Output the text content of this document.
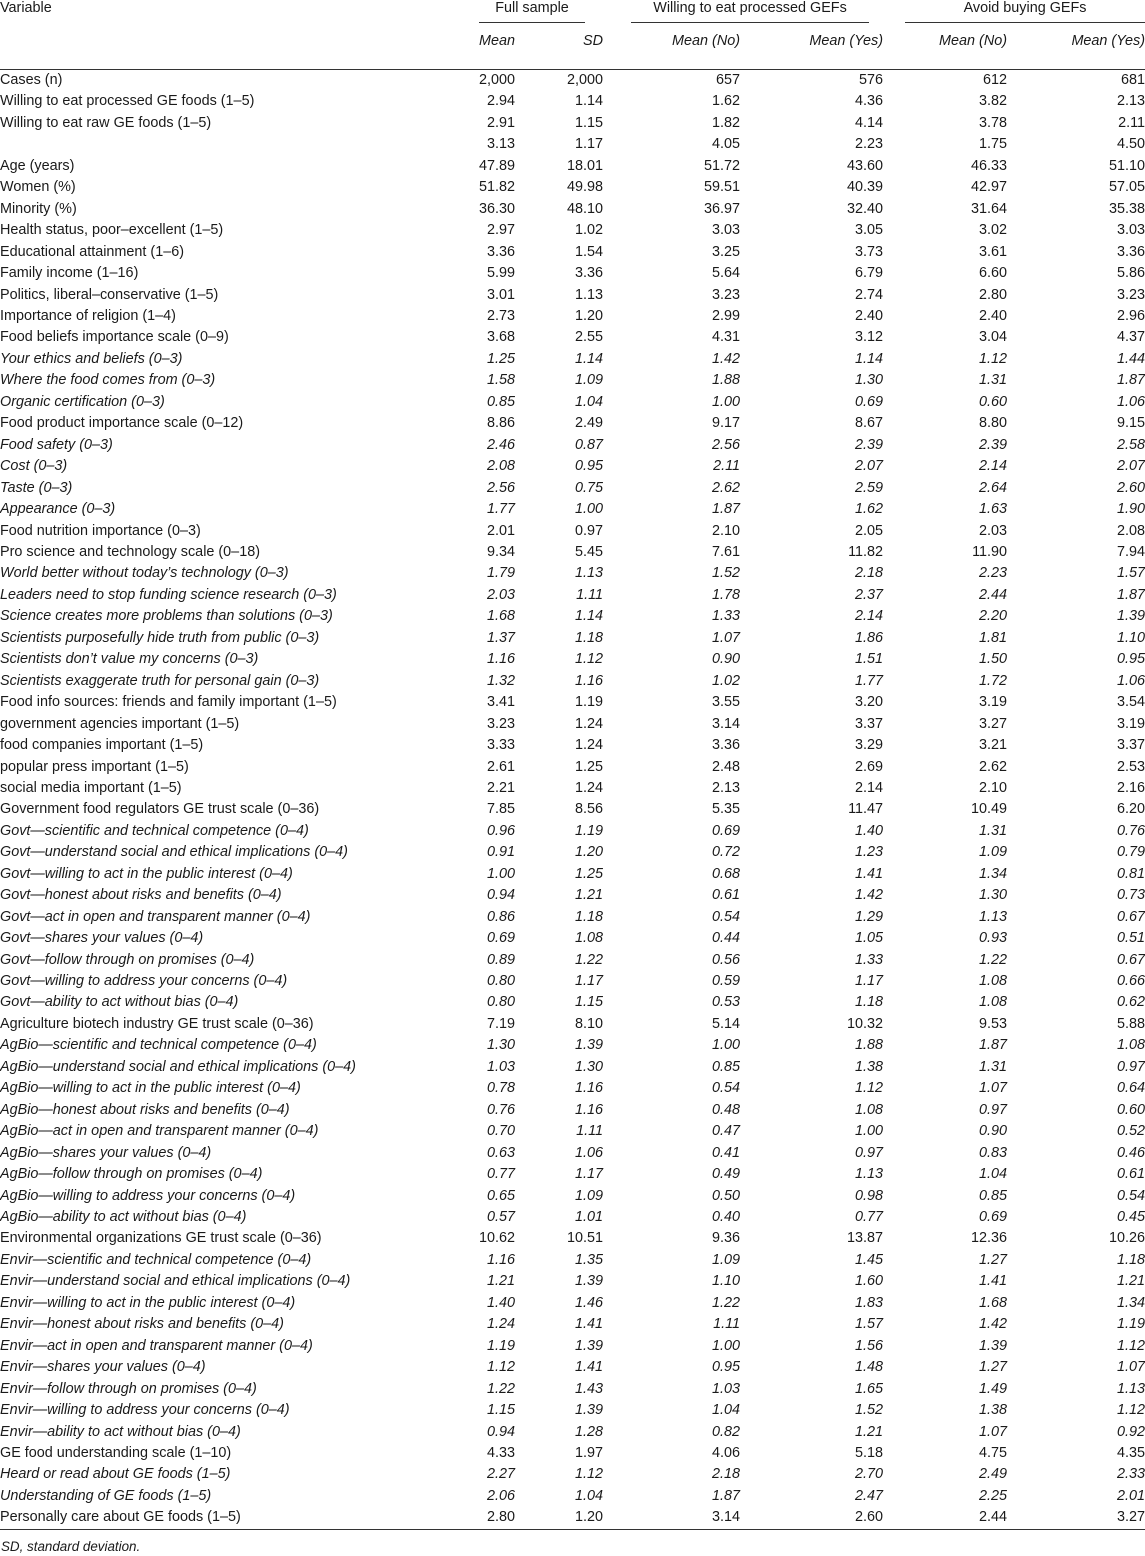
Variable	Full sample		Willing to eat processed GEFs		Avoid buying GEFs	

	Mean	SD	Mean (No)	Mean (Yes)	Mean (No)	Mean (Yes)
Cases (n)	2,000	2,000	657	576	612	681
Willing to eat processed GE foods (1–5)	2.94	1.14	1.62	4.36	3.82	2.13
Willing to eat raw GE foods (1–5)	2.91	1.15	1.82	4.14	3.78	2.11
	3.13	1.17	4.05	2.23	1.75	4.50
Age (years)	47.89	18.01	51.72	43.60	46.33	51.10
Women (%)	51.82	49.98	59.51	40.39	42.97	57.05
Minority (%)	36.30	48.10	36.97	32.40	31.64	35.38
Health status, poor–excellent (1–5)	2.97	1.02	3.03	3.05	3.02	3.03
Educational attainment (1–6)	3.36	1.54	3.25	3.73	3.61	3.36
Family income (1–16)	5.99	3.36	5.64	6.79	6.60	5.86
Politics, liberal–conservative (1–5)	3.01	1.13	3.23	2.74	2.80	3.23
Importance of religion (1–4)	2.73	1.20	2.99	2.40	2.40	2.96
Food beliefs importance scale (0–9)	3.68	2.55	4.31	3.12	3.04	4.37
Your ethics and beliefs (0–3)	1.25	1.14	1.42	1.14	1.12	1.44
Where the food comes from (0–3)	1.58	1.09	1.88	1.30	1.31	1.87
Organic certification (0–3)	0.85	1.04	1.00	0.69	0.60	1.06
Food product importance scale (0–12)	8.86	2.49	9.17	8.67	8.80	9.15
Food safety (0–3)	2.46	0.87	2.56	2.39	2.39	2.58
Cost (0–3)	2.08	0.95	2.11	2.07	2.14	2.07
Taste (0–3)	2.56	0.75	2.62	2.59	2.64	2.60
Appearance (0–3)	1.77	1.00	1.87	1.62	1.63	1.90
Food nutrition importance (0–3)	2.01	0.97	2.10	2.05	2.03	2.08
Pro science and technology scale (0–18)	9.34	5.45	7.61	11.82	11.90	7.94
World better without today’s technology (0–3)	1.79	1.13	1.52	2.18	2.23	1.57
Leaders need to stop funding science research (0–3)	2.03	1.11	1.78	2.37	2.44	1.87
Science creates more problems than solutions (0–3)	1.68	1.14	1.33	2.14	2.20	1.39
Scientists purposefully hide truth from public (0–3)	1.37	1.18	1.07	1.86	1.81	1.10
Scientists don’t value my concerns (0–3)	1.16	1.12	0.90	1.51	1.50	0.95
Scientists exaggerate truth for personal gain (0–3)	1.32	1.16	1.02	1.77	1.72	1.06
Food info sources: friends and family important (1–5)	3.41	1.19	3.55	3.20	3.19	3.54
government agencies important (1–5)	3.23	1.24	3.14	3.37	3.27	3.19
food companies important (1–5)	3.33	1.24	3.36	3.29	3.21	3.37
popular press important (1–5)	2.61	1.25	2.48	2.69	2.62	2.53
social media important (1–5)	2.21	1.24	2.13	2.14	2.10	2.16
Government food regulators GE trust scale (0–36)	7.85	8.56	5.35	11.47	10.49	6.20
Govt—scientific and technical competence (0–4)	0.96	1.19	0.69	1.40	1.31	0.76
Govt—understand social and ethical implications (0–4)	0.91	1.20	0.72	1.23	1.09	0.79
Govt—willing to act in the public interest (0–4)	1.00	1.25	0.68	1.41	1.34	0.81
Govt—honest about risks and benefits (0–4)	0.94	1.21	0.61	1.42	1.30	0.73
Govt—act in open and transparent manner (0–4)	0.86	1.18	0.54	1.29	1.13	0.67
Govt—shares your values (0–4)	0.69	1.08	0.44	1.05	0.93	0.51
Govt—follow through on promises (0–4)	0.89	1.22	0.56	1.33	1.22	0.67
Govt—willing to address your concerns (0–4)	0.80	1.17	0.59	1.17	1.08	0.66
Govt—ability to act without bias (0–4)	0.80	1.15	0.53	1.18	1.08	0.62
Agriculture biotech industry GE trust scale (0–36)	7.19	8.10	5.14	10.32	9.53	5.88
AgBio—scientific and technical competence (0–4)	1.30	1.39	1.00	1.88	1.87	1.08
AgBio—understand social and ethical implications (0–4)	1.03	1.30	0.85	1.38	1.31	0.97
AgBio—willing to act in the public interest (0–4)	0.78	1.16	0.54	1.12	1.07	0.64
AgBio—honest about risks and benefits (0–4)	0.76	1.16	0.48	1.08	0.97	0.60
AgBio—act in open and transparent manner (0–4)	0.70	1.11	0.47	1.00	0.90	0.52
AgBio—shares your values (0–4)	0.63	1.06	0.41	0.97	0.83	0.46
AgBio—follow through on promises (0–4)	0.77	1.17	0.49	1.13	1.04	0.61
AgBio—willing to address your concerns (0–4)	0.65	1.09	0.50	0.98	0.85	0.54
AgBio—ability to act without bias (0–4)	0.57	1.01	0.40	0.77	0.69	0.45
Environmental organizations GE trust scale (0–36)	10.62	10.51	9.36	13.87	12.36	10.26
Envir—scientific and technical competence (0–4)	1.16	1.35	1.09	1.45	1.27	1.18
Envir—understand social and ethical implications (0–4)	1.21	1.39	1.10	1.60	1.41	1.21
Envir—willing to act in the public interest (0–4)	1.40	1.46	1.22	1.83	1.68	1.34
Envir—honest about risks and benefits (0–4)	1.24	1.41	1.11	1.57	1.42	1.19
Envir—act in open and transparent manner (0–4)	1.19	1.39	1.00	1.56	1.39	1.12
Envir—shares your values (0–4)	1.12	1.41	0.95	1.48	1.27	1.07
Envir—follow through on promises (0–4)	1.22	1.43	1.03	1.65	1.49	1.13
Envir—willing to address your concerns (0–4)	1.15	1.39	1.04	1.52	1.38	1.12
Envir—ability to act without bias (0–4)	0.94	1.28	0.82	1.21	1.07	0.92
GE food understanding scale (1–10)	4.33	1.97	4.06	5.18	4.75	4.35
Heard or read about GE foods (1–5)	2.27	1.12	2.18	2.70	2.49	2.33
Understanding of GE foods (1–5)	2.06	1.04	1.87	2.47	2.25	2.01
Personally care about GE foods (1–5)	2.80	1.20	3.14	2.60	2.44	3.27
SD, standard deviation.
